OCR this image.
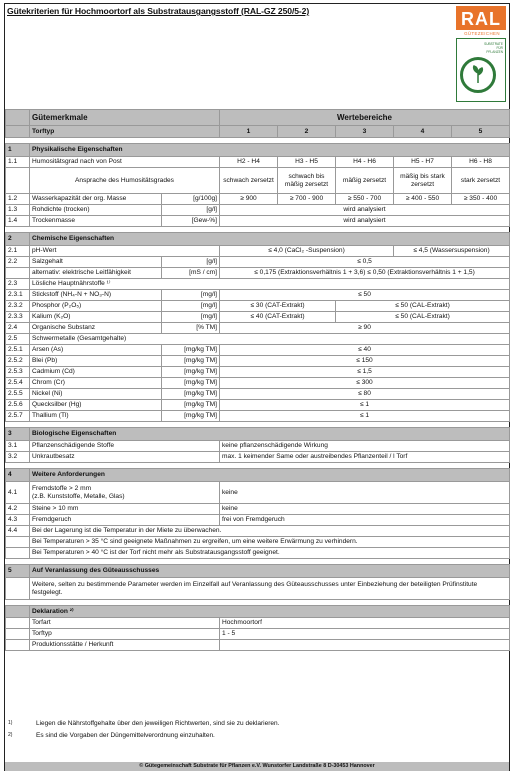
Gütekriterien für Hochmoortorf als Substratausgangsstoff (RAL-GZ 250/5-2)	RAL
GÜTEZEICHEN
SUBSTRATE FÜR PFLANZEN
	Gütemerkmale		Wertebereiche				
	Torftyp		1	2	3	4	5

1	Physikalische Eigenschaften						
1.1	Humositätsgrad nach von Post		H2 - H4	H3 - H5	H4 - H6	H5 - H7	H6 - H8
	Ansprache des Humositätsgrades		schwach zersetzt	schwach bis mäßig zersetzt	mäßig zersetzt	mäßig bis stark zersetzt	stark zersetzt
1.2	Wasserkapazität der org. Masse	[g/100g]	≥ 900	≥ 700 - 900	≥ 550 - 700	≥ 400 - 550	≥ 350 - 400
1.3	Rohdichte (trocken)	[g/l]	wird analysiert				
1.4	Trockenmasse	[Gew-%]	wird analysiert				

2	Chemische Eigenschaften						
2.1	pH-Wert		≤ 4,0 (CaCl₂ -Suspension)			≤ 4,5 (Wassersuspension)	
2.2	Salzgehalt	[g/l]	≤ 0,5				
	alternativ: elektrische Leitfähigkeit	[mS / cm]	≤ 0,175 (Extraktionsverhältnis 1 + 3,6) ≤ 0,50 (Extraktionsverhältnis 1 + 1,5)				
2.3	Lösliche Hauptnährstoffe ¹⁾						
2.3.1	Stickstoff (NH₄-N + NO₃-N)	[mg/l]	≤ 50				
2.3.2	Phosphor (P₂O₅)	[mg/l]	≤ 30 (CAT-Extrakt)		≤ 50 (CAL-Extrakt)		
2.3.3	Kalium (K₂O)	[mg/l]	≤ 40 (CAT-Extrakt)		≤ 50 (CAL-Extrakt)		
2.4	Organische Substanz	[% TM]	≥ 90				
2.5	Schwermetalle (Gesamtgehalte)						
2.5.1	Arsen (As)	[mg/kg TM]	≤ 40				
2.5.2	Blei (Pb)	[mg/kg TM]	≤ 150				
2.5.3	Cadmium (Cd)	[mg/kg TM]	≤ 1,5				
2.5.4	Chrom (Cr)	[mg/kg TM]	≤ 300				
2.5.5	Nickel (Ni)	[mg/kg TM]	≤ 80				
2.5.6	Quecksilber (Hg)	[mg/kg TM]	≤ 1				
2.5.7	Thallium (Tl)	[mg/kg TM]	≤ 1				

3	Biologische Eigenschaften						
3.1	Pflanzenschädigende Stoffe		keine pflanzenschädigende Wirkung				
3.2	Unkrautbesatz		max. 1 keimender Same oder austreibendes Pflanzenteil / l Torf				

4	Weitere Anforderungen						
4.1	Fremdstoffe > 2 mm
(z.B. Kunststoffe, Metalle, Glas)		keine				
4.2	Steine > 10 mm		keine				
4.3	Fremdgeruch		frei von Fremdgeruch				
4.4	Bei der Lagerung ist die Temperatur in der Miete zu überwachen.						
	Bei Temperaturen > 35 °C sind geeignete Maßnahmen zu ergreifen, um eine weitere Erwärmung zu verhindern.						
	Bei Temperaturen > 40 °C ist der Torf nicht mehr als Substratausgangsstoff geeignet.						

5	Auf Veranlassung des Güteausschusses						
	Weitere, selten zu bestimmende Parameter werden im Einzelfall auf Veranlassung des Güteausschusses unter Einbeziehung der beteiligten Prüfinstitute festgelegt.						

	Deklaration ²⁾						
	Torfart		Hochmoortorf				
	Torftyp		1 - 5				
	Produktionsstätte / Herkunft						
1)	Liegen die Nährstoffgehalte über den jeweiligen Richtwerten, sind sie zu deklarieren.
2)	Es sind die Vorgaben der Düngemittelverordnung einzuhalten.
© Gütegemeinschaft Substrate für Pflanzen e.V. Wunstorfer Landstraße 8 D-30453 Hannover
